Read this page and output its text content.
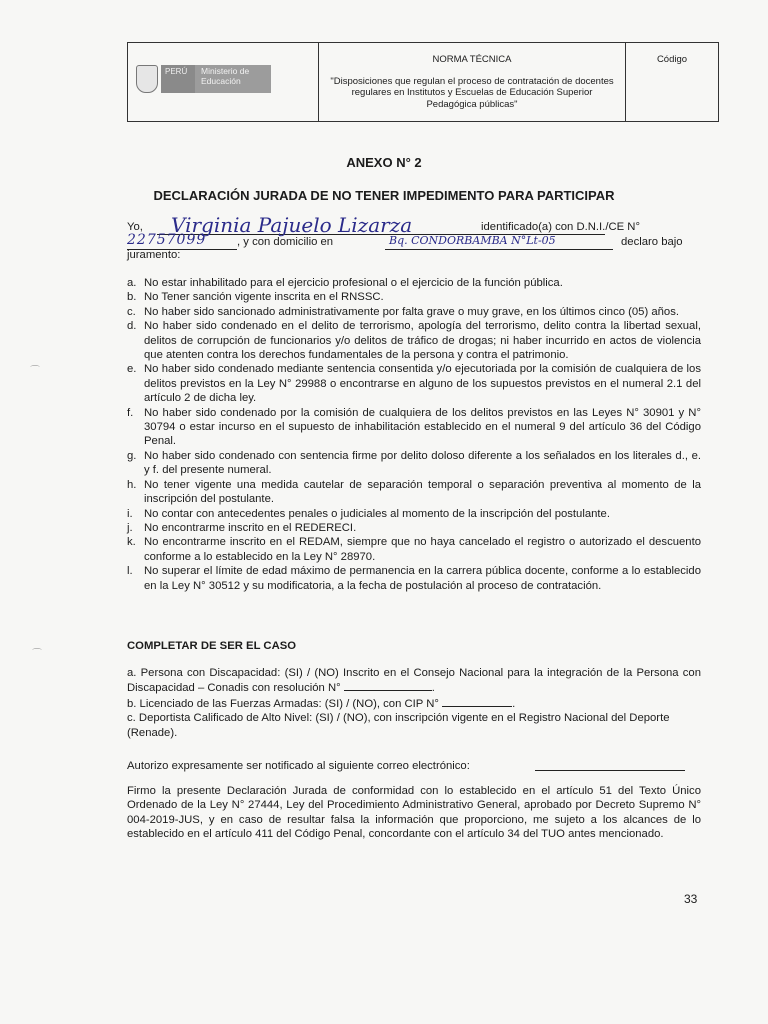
PERÚ	Ministerio de Educación
NORMA TÉCNICA
"Disposiciones que regulan el proceso de contratación de docentes regulares en Institutos y Escuelas de Educación Superior Pedagógica públicas"
Código
ANEXO N° 2
DECLARACIÓN JURADA DE NO TENER IMPEDIMENTO PARA PARTICIPAR
Yo, Virginia Pajuelo Lizarza	identificado(a) con D.N.I./CE N°
22757099	, y con domicilio en	Bq. CONDORBAMBA N°Lt-05	declaro bajo
juramento:
a. No estar inhabilitado para el ejercicio profesional o el ejercicio de la función pública.
b. No Tener sanción vigente inscrita en el RNSSC.
c. No haber sido sancionado administrativamente por falta grave o muy grave, en los últimos cinco (05) años.
d. No haber sido condenado en el delito de terrorismo, apología del terrorismo, delito contra la libertad sexual, delitos de corrupción de funcionarios y/o delitos de tráfico de drogas; ni haber incurrido en actos de violencia que atenten contra los derechos fundamentales de la persona y contra el patrimonio.
e. No haber sido condenado mediante sentencia consentida y/o ejecutoriada por la comisión de cualquiera de los delitos previstos en la Ley N° 29988 o encontrarse en alguno de los supuestos previstos en el numeral 2.1 del artículo 2 de dicha ley.
f. No haber sido condenado por la comisión de cualquiera de los delitos previstos en las Leyes N° 30901 y N° 30794 o estar incurso en el supuesto de inhabilitación establecido en el numeral 9 del artículo 36 del Código Penal.
g. No haber sido condenado con sentencia firme por delito doloso diferente a los señalados en los literales d., e. y f. del presente numeral.
h. No tener vigente una medida cautelar de separación temporal o separación preventiva al momento de la inscripción del postulante.
i.	No contar con antecedentes penales o judiciales al momento de la inscripción del postulante.
j.	No encontrarme inscrito en el REDERECI.
k. No encontrarme inscrito en el REDAM, siempre que no haya cancelado el registro o autorizado el descuento conforme a lo establecido en la Ley N° 28970.
l.	No superar el límite de edad máximo de permanencia en la carrera pública docente, conforme a lo establecido en la Ley N° 30512 y su modificatoria, a la fecha de postulación al proceso de contratación.
COMPLETAR DE SER EL CASO
a. Persona con Discapacidad: (SI) / (NO) Inscrito en el Consejo Nacional para la integración de la Persona con Discapacidad – Conadis con resolución N°	.
b. Licenciado de las Fuerzas Armadas: (SI) / (NO), con CIP N°	.
c. Deportista Calificado de Alto Nivel: (SI) / (NO), con inscripción vigente en el Registro Nacional del Deporte (Renade).
Autorizo expresamente ser notificado al siguiente correo electrónico:
Firmo la presente Declaración Jurada de conformidad con lo establecido en el artículo 51 del Texto Único Ordenado de la Ley N° 27444, Ley del Procedimiento Administrativo General, aprobado por Decreto Supremo N° 004-2019-JUS, y en caso de resultar falsa la información que proporciono, me sujeto a los alcances de lo establecido en el artículo 411 del Código Penal, concordante con el artículo 34 del TUO antes mencionado.
33
⌒
⌒
